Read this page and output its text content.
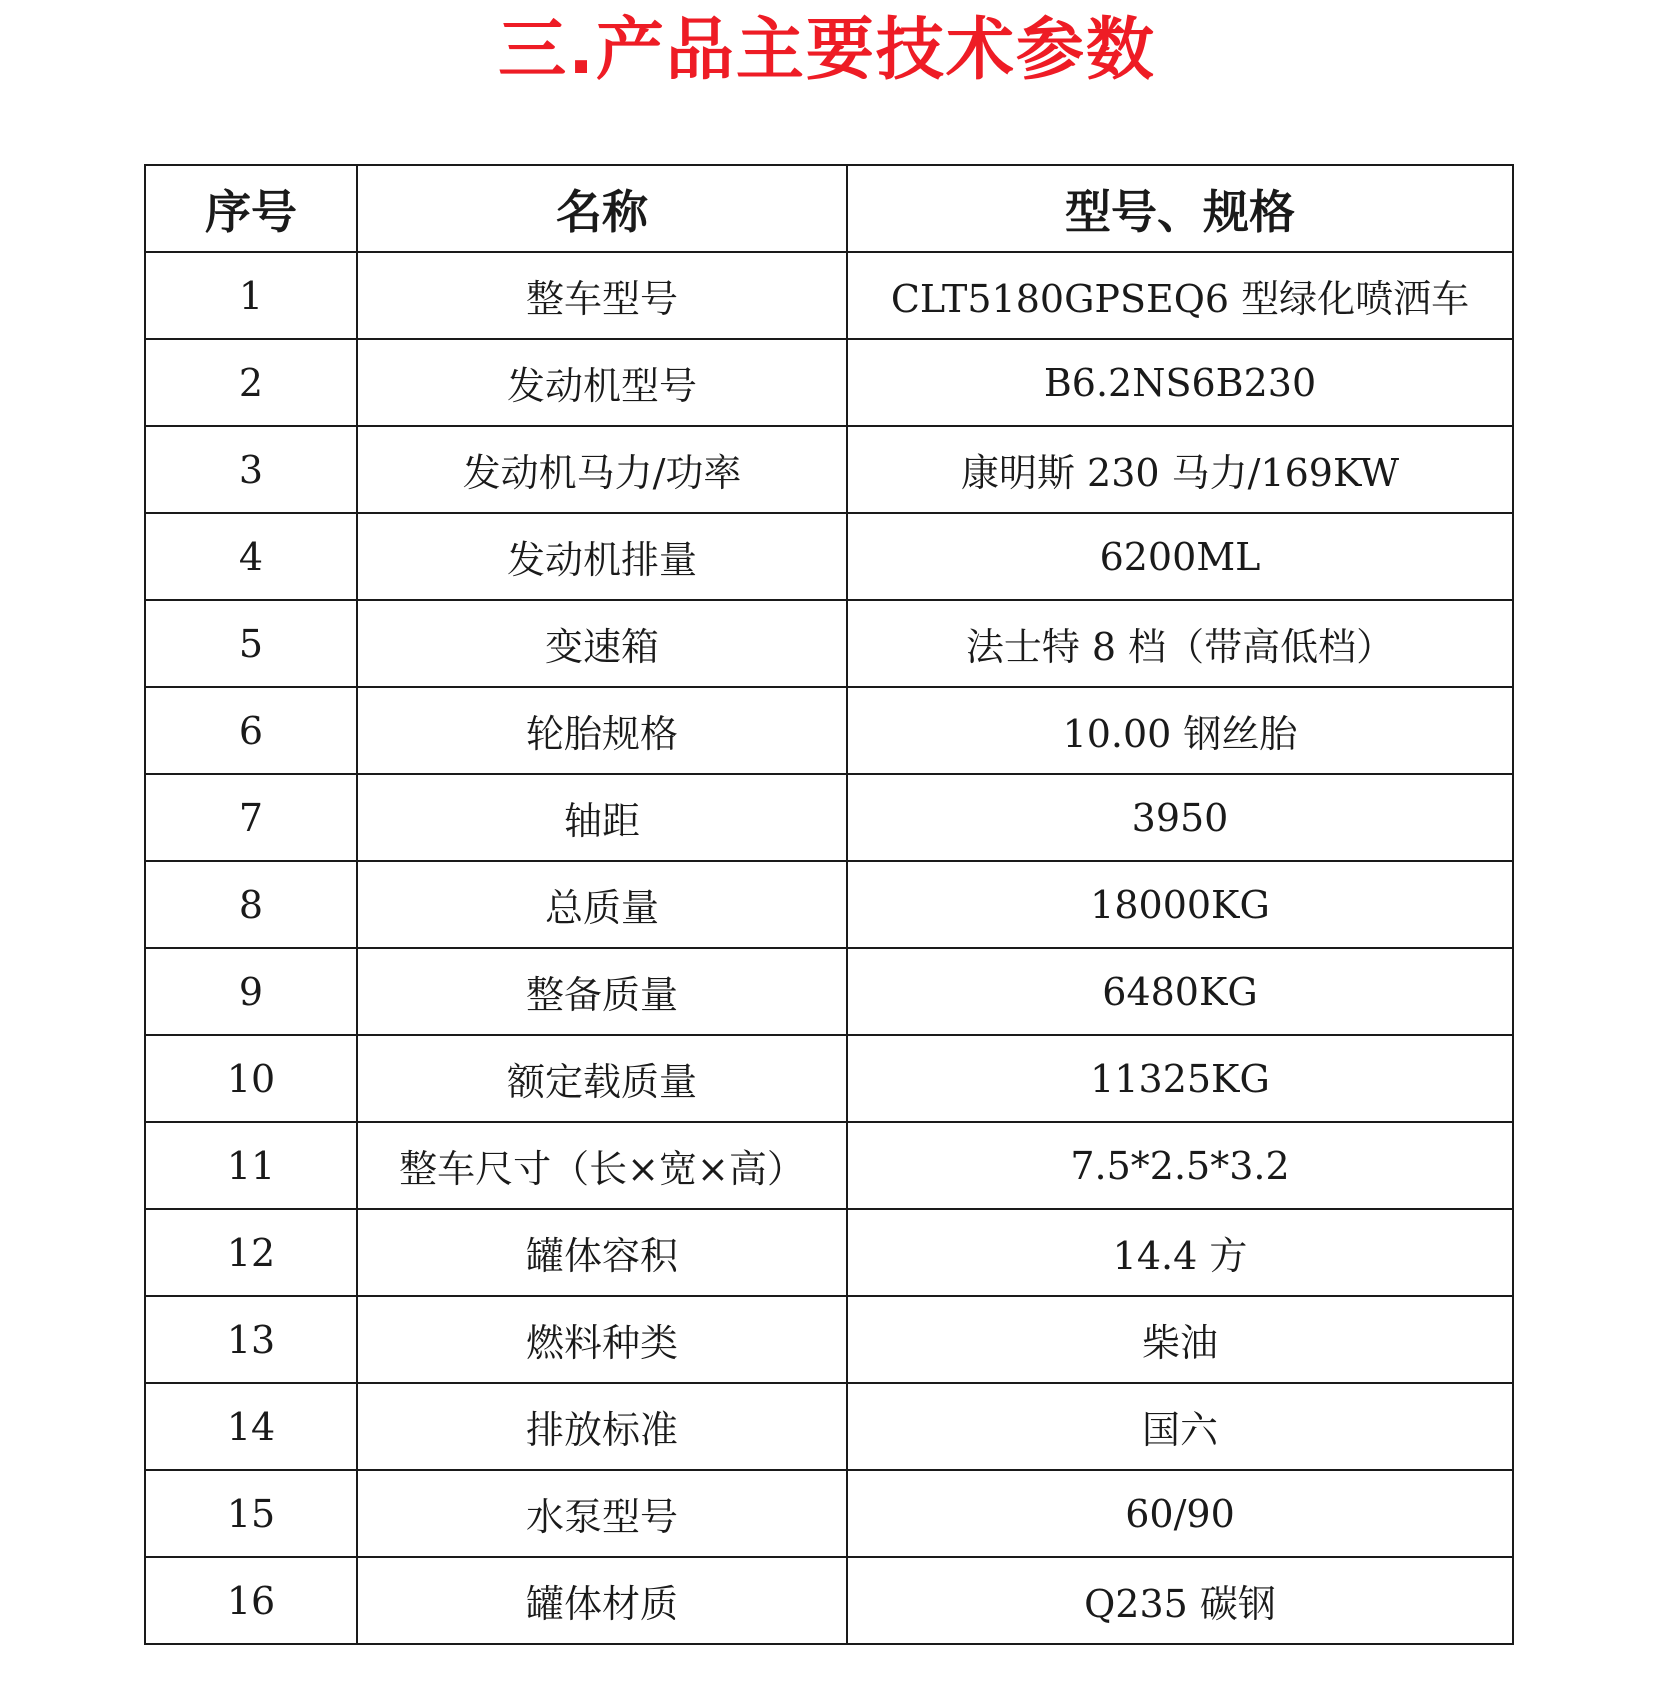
三.产品主要技术参数
序号	名称	型号、规格
1	整车型号	CLT5180GPSEQ6 型绿化喷洒车
2	发动机型号	B6.2NS6B230
3	发动机马力/功率	康明斯 230 马力/169KW
4	发动机排量	6200ML
5	变速箱	法士特 8 档（带高低档）
6	轮胎规格	10.00 钢丝胎
7	轴距	3950
8	总质量	18000KG
9	整备质量	6480KG
10	额定载质量	11325KG
11	整车尺寸（长×宽×高）	7.5*2.5*3.2
12	罐体容积	14.4 方
13	燃料种类	柴油
14	排放标准	国六
15	水泵型号	60/90
16	罐体材质	Q235 碳钢
